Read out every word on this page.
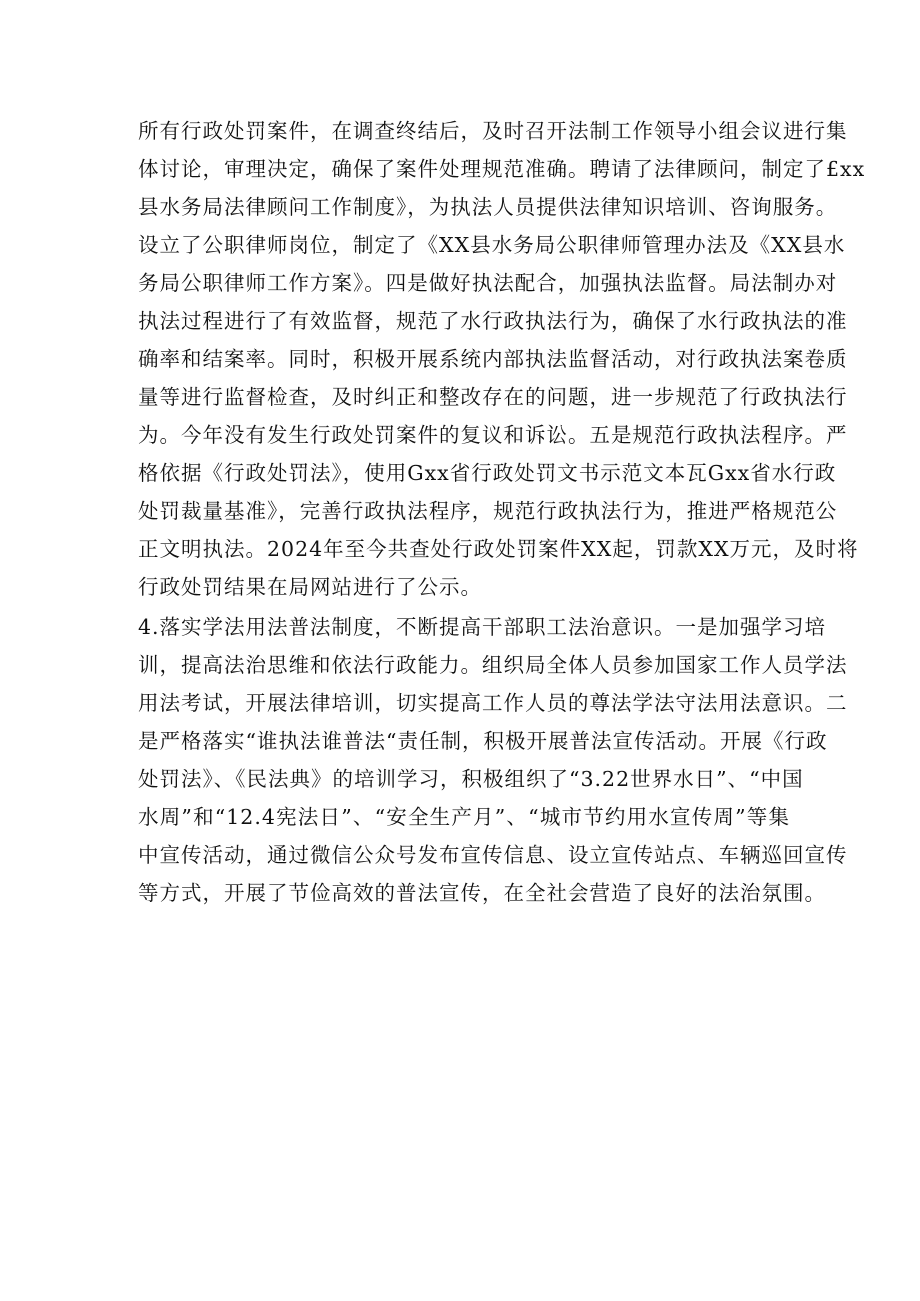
所有行政处罚案件，在调查终结后，及时召开法制工作领导小组会议进行集
体讨论，审理决定，确保了案件处理规范准确。聘请了法律顾问，制定了£xx
县水务局法律顾问工作制度》，为执法人员提供法律知识培训、咨询服务。
设立了公职律师岗位，制定了《XX县水务局公职律师管理办法及《XX县水
务局公职律师工作方案》。四是做好执法配合，加强执法监督。局法制办对
执法过程进行了有效监督，规范了水行政执法行为，确保了水行政执法的准
确率和结案率。同时，积极开展系统内部执法监督活动，对行政执法案卷质
量等进行监督检查，及时纠正和整改存在的问题，进一步规范了行政执法行
为。今年没有发生行政处罚案件的复议和诉讼。五是规范行政执法程序。严
格依据《行政处罚法》，使用Gxx省行政处罚文书示范文本瓦Gxx省水行政
处罚裁量基准》，完善行政执法程序，规范行政执法行为，推进严格规范公
正文明执法。2024年至今共查处行政处罚案件XX起，罚款XX万元，及时将
行政处罚结果在局网站进行了公示。
4.落实学法用法普法制度，不断提高干部职工法治意识。一是加强学习培
训，提高法治思维和依法行政能力。组织局全体人员参加国家工作人员学法
用法考试，开展法律培训，切实提高工作人员的尊法学法守法用法意识。二
是严格落实“谁执法谁普法“责任制，积极开展普法宣传活动。开展《行政
处罚法》、《民法典》的培训学习，积极组织了“3.22世界水日”、“中国
水周”和“12.4宪法日”、“安全生产月”、“城市节约用水宣传周”等集
中宣传活动，通过微信公众号发布宣传信息、设立宣传站点、车辆巡回宣传
等方式，开展了节俭高效的普法宣传，在全社会营造了良好的法治氛围。
